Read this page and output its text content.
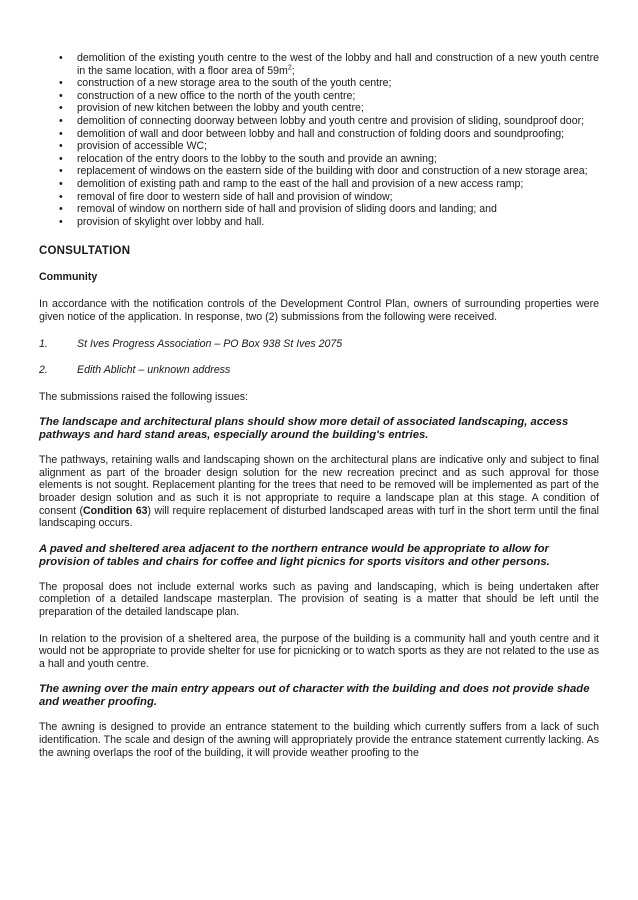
• demolition of the existing youth centre to the west of the lobby and hall and construction of a new youth centre in the same location, with a floor area of $59m^2$;
• construction of a new storage area to the south of the youth centre;
• construction of a new office to the north of the youth centre;
• provision of new kitchen between the lobby and youth centre;
• demolition of connecting doorway between lobby and youth centre and provision of sliding, soundproof door;
• demolition of wall and door between lobby and hall and construction of folding doors and soundproofing;
• provision of accessible WC;
• relocation of the entry doors to the lobby to the south and provide an awning;
• replacement of windows on the eastern side of the building with door and construction of a new storage area;
• demolition of existing path and ramp to the east of the hall and provision of a new access ramp;
• removal of fire door to western side of hall and provision of window;
• removal of window on northern side of hall and provision of sliding doors and landing; and
• provision of skylight over lobby and hall.
CONSULTATION
Community

In accordance with the notification controls of the Development Control Plan, owners of surrounding properties were given notice of the application. In response, two (2) submissions from the following were received.

1.	St Ives Progress Association – PO Box 938 St Ives 2075
2.	Edith Ablicht – unknown address

The submissions raised the following issues:

The landscape and architectural plans should show more detail of associated landscaping, access pathways and hard stand areas, especially around the building's entries.

The pathways, retaining walls and landscaping shown on the architectural plans are indicative only and subject to final alignment as part of the broader design solution for the new recreation precinct and as such approval for those elements is not sought. Replacement planting for the trees that need to be removed will be implemented as part of the broader design solution and as such it is not appropriate to require a landscape plan at this stage. A condition of consent (Condition 63) will require replacement of disturbed landscaped areas with turf in the short term until the final landscaping occurs.

A paved and sheltered area adjacent to the northern entrance would be appropriate to allow for provision of tables and chairs for coffee and light picnics for sports visitors and other persons.

The proposal does not include external works such as paving and landscaping, which is being undertaken after completion of a detailed landscape masterplan. The provision of seating is a matter that should be left until the preparation of the detailed landscape plan.

In relation to the provision of a sheltered area, the purpose of the building is a community hall and youth centre and it would not be appropriate to provide shelter for use for picnicking or to watch sports as they are not related to the use as a hall and youth centre.

The awning over the main entry appears out of character with the building and does not provide shade and weather proofing.

The awning is designed to provide an entrance statement to the building which currently suffers from a lack of such identification. The scale and design of the awning will appropriately provide the entrance statement currently lacking. As the awning overlaps the roof of the building, it will provide weather proofing to the
